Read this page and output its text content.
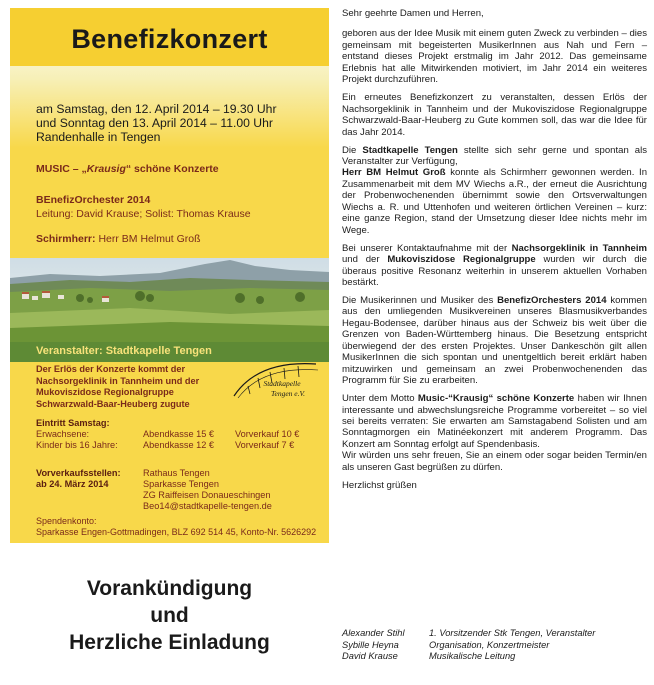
Benefizkonzert
am Samstag, den 12. April 2014 – 19.30 Uhr
und Sonntag den 13. April 2014 – 11.00 Uhr
Randenhalle in Tengen
MUSIC – „Krausig“ schöne Konzerte
BEnefizOrchester 2014
Leitung: David Krause; Solist: Thomas Krause
Schirmherr: Herr BM Helmut Groß
Veranstalter: Stadtkapelle Tengen
Der Erlös der Konzerte kommt der
Nachsorgeklinik in Tannheim und der
Mukoviszidose Regionalgruppe
Schwarzwald-Baar-Heuberg zugute
Stadtkapelle
Tengen e.V.
Eintritt Samstag:
Erwachsene:	Abendkasse 15 € Vorverkauf 10 €
Kinder bis 16 Jahre:	Abendkasse 12 € Vorverkauf 7 €
Vorverkaufsstellen:
ab 24. März 2014
Rathaus Tengen
Sparkasse Tengen
ZG Raiffeisen Donaueschingen
Beo14@stadtkapelle-tengen.de
Spendenkonto:
Sparkasse Engen-Gottmadingen, BLZ 692 514 45, Konto-Nr. 5626292
Vorankündigung
und
Herzliche Einladung

Sehr geehrte Damen und Herren,

geboren aus der Idee Musik mit einem guten Zweck zu verbinden – dies gemeinsam mit begeisterten MusikerInnen aus Nah und Fern – entstand dieses Projekt erstmalig im Jahr 2012. Das gemeinsame Erlebnis hat alle Mitwirkenden motiviert, im Jahr 2014 ein weiteres Projekt durchzuführen.

Ein erneutes Benefizkonzert zu veranstalten, dessen Erlös der Nachsorgeklinik in Tannheim und der Mukoviszidose Regionalgruppe Schwarzwald-Baar-Heuberg zu Gute kommen soll, das war die Idee für das Jahr 2014.

Die Stadtkapelle Tengen stellte sich sehr gerne und spontan als Veranstalter zur Verfügung,

Herr BM Helmut Groß konnte als Schirmherr gewonnen werden. In Zusammenarbeit mit dem MV Wiechs a.R., der erneut die Ausrichtung der Probenwochenenden übernimmt sowie den Ortsverwaltungen Wiechs a. R. und Uttenhofen und weiteren örtlichen Vereinen – kurz: eine ganze Region, stand der Umsetzung dieser Idee nichts mehr im Wege.

Bei unserer Kontaktaufnahme mit der Nachsorgeklinik in Tannheim und der Mukoviszidose Regionalgruppe wurden wir durch die überaus positive Resonanz weiterhin in unserem aktuellen Vorhaben bestärkt.

Die Musikerinnen und Musiker des BenefizOrchesters 2014 kommen aus den umliegenden Musikvereinen unseres Blasmusikverbandes Hegau-Bodensee, darüber hinaus aus der Schweiz bis weit über die Grenzen von Baden-Württemberg hinaus. Die Besetzung entspricht überwiegend der des ersten Projektes. Unser Dankeschön gilt allen MusikerInnen die sich spontan und unentgeltlich bereit erklärt haben mitzuwirken und gemeinsam an zwei Probenwochenenden das Programm für Sie zu erarbeiten.

Unter dem Motto Music-“Krausig“ schöne Konzerte haben wir Ihnen interessante und abwechslungsreiche Programme vorbereitet – so viel sei bereits verraten: Sie erwarten am Samstagabend Solisten und am Sonntagmorgen ein Matinéekonzert mit anderem Programm. Das Konzert am Sonntag erfolgt auf Spendenbasis.

Wir würden uns sehr freuen, Sie an einem oder sogar beiden Termin/en als unseren Gast begrüßen zu dürfen.

Herzlichst grüßen

Alexander Stihl	1. Vorsitzender Stk Tengen, Veranstalter
Sybille Heyna	Organisation, Konzertmeister
David Krause	Musikalische Leitung
